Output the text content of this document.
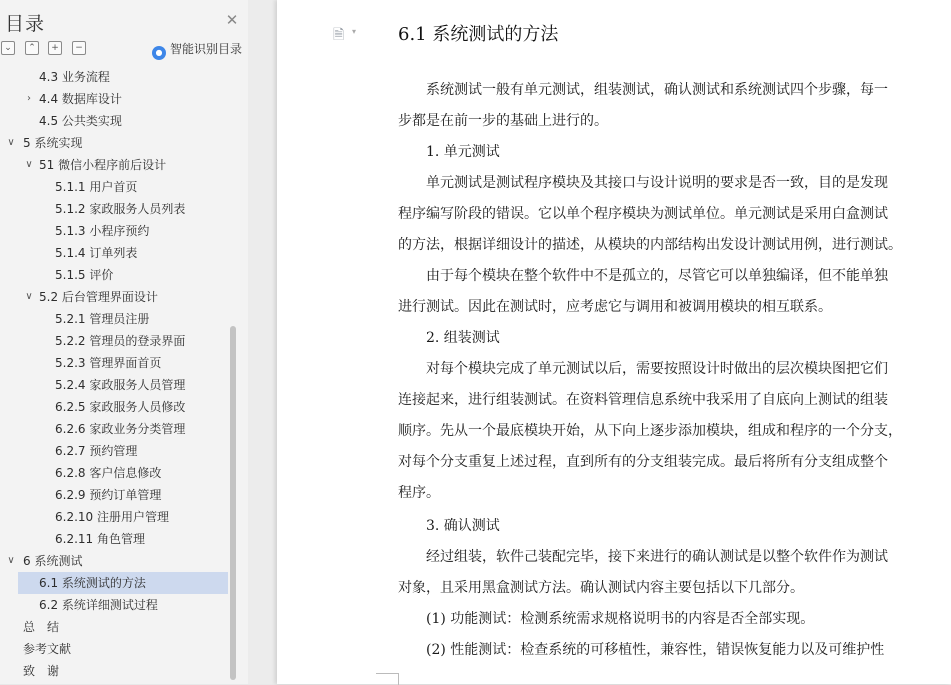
目录	✕
⌄	⌃	+	−	● 智能识别目录
4.3 业务流程
› 4.4 数据库设计
4.5 公共类实现
∨ 5 系统实现
∨ 51 微信小程序前后设计
5.1.1 用户首页
5.1.2 家政服务人员列表
5.1.3 小程序预约
5.1.4 订单列表
5.1.5 评价
∨ 5.2 后台管理界面设计
5.2.1 管理员注册
5.2.2 管理员的登录界面
5.2.3 管理界面首页
5.2.4 家政服务人员管理
6.2.5 家政服务人员修改
6.2.6 家政业务分类管理
6.2.7 预约管理
6.2.8 客户信息修改
6.2.9 预约订单管理
6.2.10 注册用户管理
6.2.11 角色管理
∨ 6 系统测试
6.1 系统测试的方法
6.2 系统详细测试过程
总　结
参考文献
致　谢
🗎 ▾ 6.1 系统测试的方法
　　系统测试一般有单元测试，组装测试，确认测试和系统测试四个步骤，每一
步都是在前一步的基础上进行的。
　　1. 单元测试
　　单元测试是测试程序模块及其接口与设计说明的要求是否一致，目的是发现
程序编写阶段的错误。它以单个程序模块为测试单位。单元测试是采用白盒测试
的方法，根据详细设计的描述，从模块的内部结构出发设计测试用例，进行测试。
　　由于每个模块在整个软件中不是孤立的，尽管它可以单独编译，但不能单独
进行测试。因此在测试时，应考虑它与调用和被调用模块的相互联系。
　　2. 组装测试
　　对每个模块完成了单元测试以后，需要按照设计时做出的层次模块图把它们
连接起来，进行组装测试。在资料管理信息系统中我采用了自底向上测试的组装
顺序。先从一个最底模块开始，从下向上逐步添加模块，组成和程序的一个分支，
对每个分支重复上述过程，直到所有的分支组装完成。最后将所有分支组成整个
程序。
　　3. 确认测试
　　经过组装，软件己装配完毕，接下来进行的确认测试是以整个软件作为测试
对象，且采用黑盒测试方法。确认测试内容主要包括以下几部分。
　　(1) 功能测试：检测系统需求规格说明书的内容是否全部实现。
　　(2) 性能测试：检查系统的可移植性，兼容性，错误恢复能力以及可维护性
